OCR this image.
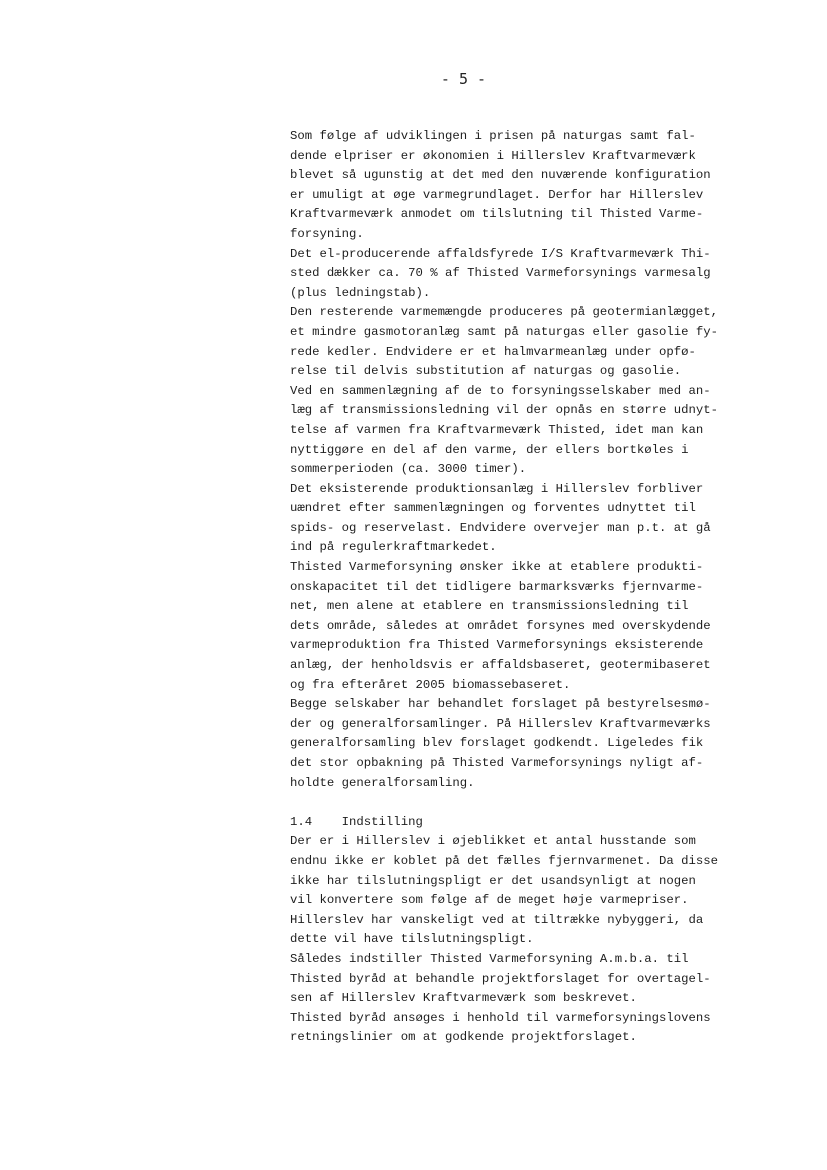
- 5 -

Som følge af udviklingen i prisen på naturgas samt fal-
dende elpriser er økonomien i Hillerslev Kraftvarmeværk
blevet så ugunstig at det med den nuværende konfiguration
er umuligt at øge varmegrundlaget. Derfor har Hillerslev
Kraftvarmeværk anmodet om tilslutning til Thisted Varme-
forsyning.

Det el-producerende affaldsfyrede I/S Kraftvarmeværk Thi-
sted dækker ca. 70 % af Thisted Varmeforsynings varmesalg
(plus ledningstab).

Den resterende varmemængde produceres på geotermianlægget,
et mindre gasmotoranlæg samt på naturgas eller gasolie fy-
rede kedler. Endvidere er et halmvarmeanlæg under opfø-
relse til delvis substitution af naturgas og gasolie.

Ved en sammenlægning af de to forsyningsselskaber med an-
læg af transmissionsledning vil der opnås en større udnyt-
telse af varmen fra Kraftvarmeværk Thisted, idet man kan
nyttiggøre en del af den varme, der ellers bortkøles i
sommerperioden (ca. 3000 timer).

Det eksisterende produktionsanlæg i Hillerslev forbliver
uændret efter sammenlægningen og forventes udnyttet til
spids- og reservelast. Endvidere overvejer man p.t. at gå
ind på regulerkraftmarkedet.

Thisted Varmeforsyning ønsker ikke at etablere produkti-
onskapacitet til det tidligere barmarksværks fjernvarme-
net, men alene at etablere en transmissionsledning til
dets område, således at området forsynes med overskydende
varmeproduktion fra Thisted Varmeforsynings eksisterende
anlæg, der henholdsvis er affaldsbaseret, geotermibaseret
og fra efteråret 2005 biomassebaseret.

Begge selskaber har behandlet forslaget på bestyrelsesmø-
der og generalforsamlinger. På Hillerslev Kraftvarmeværks
generalforsamling blev forslaget godkendt. Ligeledes fik
det stor opbakning på Thisted Varmeforsynings nyligt af-
holdte generalforsamling.

1.4    Indstilling

Der er i Hillerslev i øjeblikket et antal husstande som
endnu ikke er koblet på det fælles fjernvarmenet. Da disse
ikke har tilslutningspligt er det usandsynligt at nogen
vil konvertere som følge af de meget høje varmepriser.

Hillerslev har vanskeligt ved at tiltrække nybyggeri, da
dette vil have tilslutningspligt.

Således indstiller Thisted Varmeforsyning A.m.b.a. til
Thisted byråd at behandle projektforslaget for overtagel-
sen af Hillerslev Kraftvarmeværk som beskrevet.

Thisted byråd ansøges i henhold til varmeforsyningslovens
retningslinier om at godkende projektforslaget.
